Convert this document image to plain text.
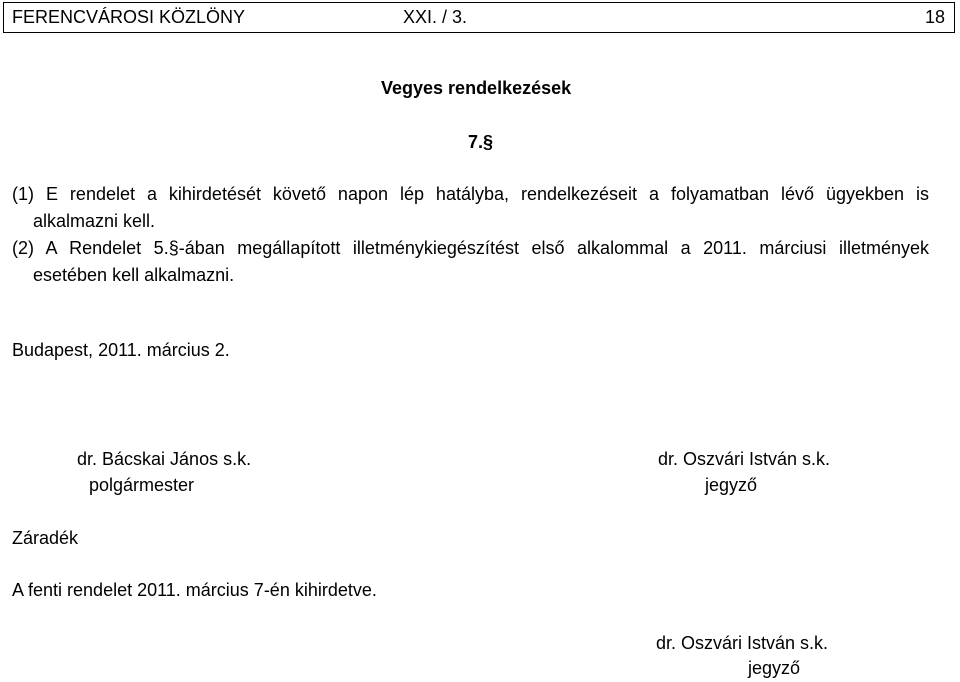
FERENCVÁROSI KÖZLÖNY	XXI. / 3.	18
Vegyes rendelkezések
7.§
(1) E rendelet a kihirdetését követő napon lép hatályba, rendelkezéseit a folyamatban lévő ügyekben is
alkalmazni kell.
(2) A Rendelet 5.§-ában megállapított illetménykiegészítést első alkalommal a 2011. márciusi illetmények
esetében kell alkalmazni.
Budapest, 2011. március 2.
dr. Bácskai János s.k.
polgármester
dr. Oszvári István s.k.
jegyző
Záradék
A fenti rendelet 2011. március 7-én kihirdetve.
dr. Oszvári István s.k.
jegyző
